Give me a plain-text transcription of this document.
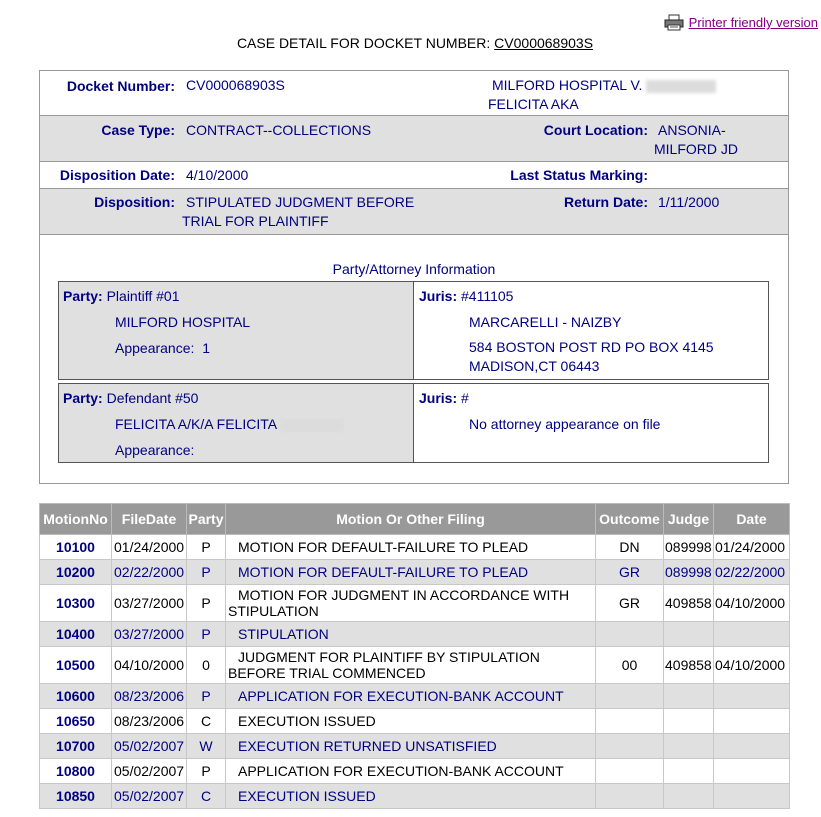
Printer friendly version
CASE DETAIL FOR DOCKET NUMBER: CV000068903S
Docket Number: CV000068903S	MILFORD HOSPITAL V.
FELICITA AKA
Case Type: CONTRACT--COLLECTIONS	Court Location: ANSONIA-
MILFORD JD
Disposition Date: 4/10/2000	Last Status Marking:
Disposition: STIPULATED JUDGMENT BEFORE
TRIAL FOR PLAINTIFF
Return Date: 1/11/2000
Party/Attorney Information
Party: Plaintiff #01
MILFORD HOSPITAL
Appearance: 1
Juris: #411105
MARCARELLI - NAIZBY
584 BOSTON POST RD PO BOX 4145
MADISON,CT 06443
Party: Defendant #50
FELICITA A/K/A FELICITA
Appearance:
Juris: #
No attorney appearance on file
MotionNo	FileDate	Party	Motion Or Other Filing	Outcome	Judge	Date
10100	01/24/2000	P	MOTION FOR DEFAULT-FAILURE TO PLEAD	DN	089998	01/24/2000
10200	02/22/2000	P	MOTION FOR DEFAULT-FAILURE TO PLEAD	GR	089998	02/22/2000
10300	03/27/2000	P	MOTION FOR JUDGMENT IN ACCORDANCE WITH
STIPULATION	GR	409858	04/10/2000
10400	03/27/2000	P	STIPULATION			
10500	04/10/2000	0	JUDGMENT FOR PLAINTIFF BY STIPULATION
BEFORE TRIAL COMMENCED	00	409858	04/10/2000
10600	08/23/2006	P	APPLICATION FOR EXECUTION-BANK ACCOUNT			
10650	08/23/2006	C	EXECUTION ISSUED			
10700	05/02/2007	W	EXECUTION RETURNED UNSATISFIED			
10800	05/02/2007	P	APPLICATION FOR EXECUTION-BANK ACCOUNT			
10850	05/02/2007	C	EXECUTION ISSUED			
